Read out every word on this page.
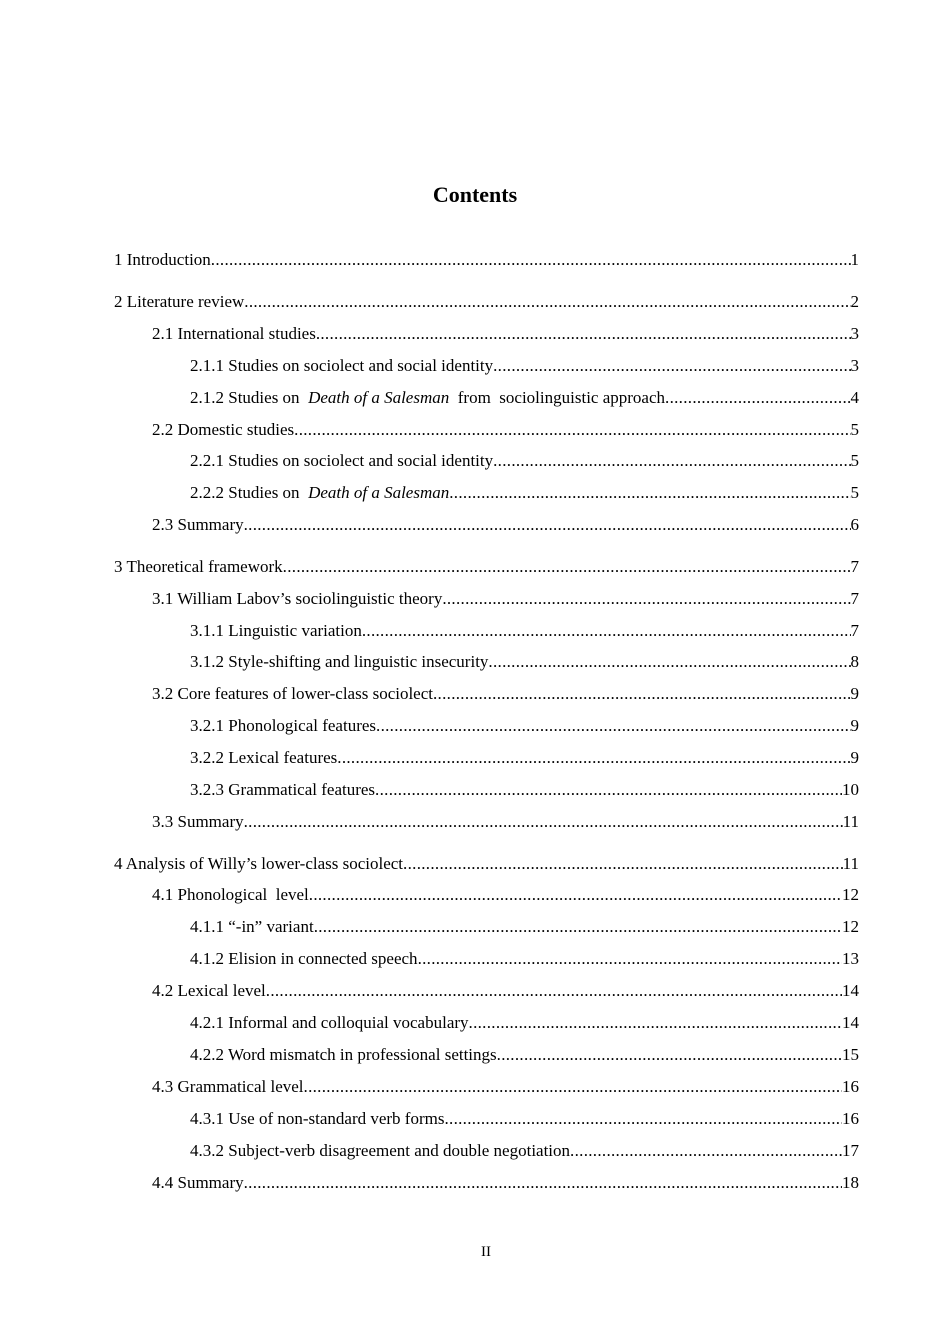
Contents
1 Introduction .....	1
2 Literature review .....	2
2.1 International studies .....	3
2.1.1 Studies on sociolect and social identity .....	3
2.1.2 Studies on  Death of a Salesman  from  sociolinguistic approach .....	4
2.2 Domestic studies .....	5
2.2.1 Studies on sociolect and social identity .....	5
2.2.2 Studies on  Death of a Salesman .....	5
2.3 Summary .....	6
3 Theoretical framework .....	7
3.1 William Labov’s sociolinguistic theory .....	7
3.1.1 Linguistic variation .....	7
3.1.2 Style-shifting and linguistic insecurity .....	8
3.2 Core features of lower-class sociolect .....	9
3.2.1 Phonological features .....	9
3.2.2 Lexical features .....	9
3.2.3 Grammatical features .....	10
3.3 Summary .....	11
4 Analysis of Willy’s lower-class sociolect .....	11
4.1 Phonological  level .....	12
4.1.1 “-in” variant .....	12
4.1.2 Elision in connected speech .....	13
4.2 Lexical level .....	14
4.2.1 Informal and colloquial vocabulary .....	14
4.2.2 Word mismatch in professional settings .....	15
4.3 Grammatical level .....	16
4.3.1 Use of non-standard verb forms .....	16
4.3.2 Subject-verb disagreement and double negotiation .....	17
4.4 Summary .....	18
II
